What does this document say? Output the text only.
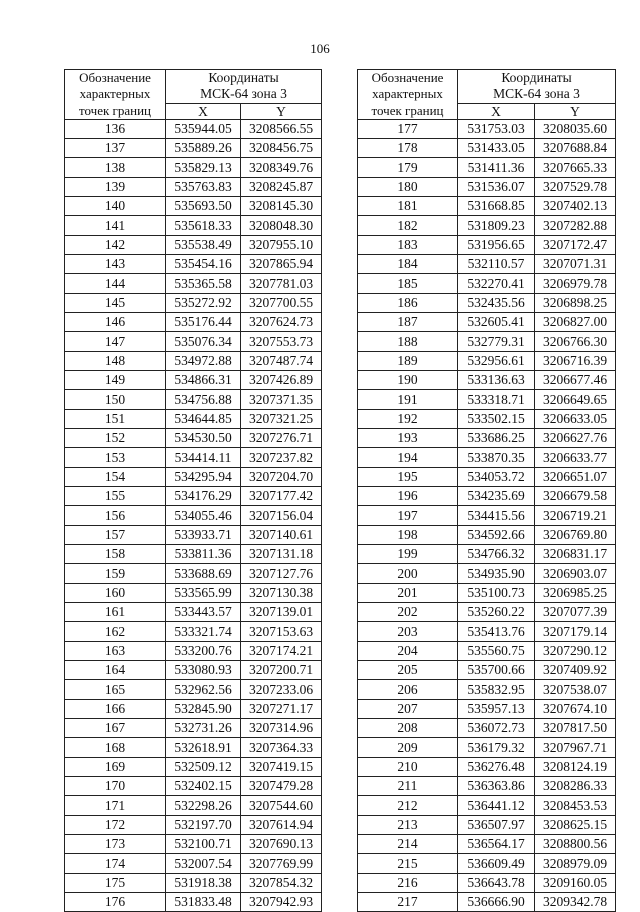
106
Обозначение характерных точек границ	Координаты
МСК-64 зона 3	
	X	Y
136	535944.05	3208566.55
137	535889.26	3208456.75
138	535829.13	3208349.76
139	535763.83	3208245.87
140	535693.50	3208145.30
141	535618.33	3208048.30
142	535538.49	3207955.10
143	535454.16	3207865.94
144	535365.58	3207781.03
145	535272.92	3207700.55
146	535176.44	3207624.73
147	535076.34	3207553.73
148	534972.88	3207487.74
149	534866.31	3207426.89
150	534756.88	3207371.35
151	534644.85	3207321.25
152	534530.50	3207276.71
153	534414.11	3207237.82
154	534295.94	3207204.70
155	534176.29	3207177.42
156	534055.46	3207156.04
157	533933.71	3207140.61
158	533811.36	3207131.18
159	533688.69	3207127.76
160	533565.99	3207130.38
161	533443.57	3207139.01
162	533321.74	3207153.63
163	533200.76	3207174.21
164	533080.93	3207200.71
165	532962.56	3207233.06
166	532845.90	3207271.17
167	532731.26	3207314.96
168	532618.91	3207364.33
169	532509.12	3207419.15
170	532402.15	3207479.28
171	532298.26	3207544.60
172	532197.70	3207614.94
173	532100.71	3207690.13
174	532007.54	3207769.99
175	531918.38	3207854.32
176	531833.48	3207942.93
Обозначение характерных точек границ	Координаты
МСК-64 зона 3	
	X	Y
177	531753.03	3208035.60
178	531433.05	3207688.84
179	531411.36	3207665.33
180	531536.07	3207529.78
181	531668.85	3207402.13
182	531809.23	3207282.88
183	531956.65	3207172.47
184	532110.57	3207071.31
185	532270.41	3206979.78
186	532435.56	3206898.25
187	532605.41	3206827.00
188	532779.31	3206766.30
189	532956.61	3206716.39
190	533136.63	3206677.46
191	533318.71	3206649.65
192	533502.15	3206633.05
193	533686.25	3206627.76
194	533870.35	3206633.77
195	534053.72	3206651.07
196	534235.69	3206679.58
197	534415.56	3206719.21
198	534592.66	3206769.80
199	534766.32	3206831.17
200	534935.90	3206903.07
201	535100.73	3206985.25
202	535260.22	3207077.39
203	535413.76	3207179.14
204	535560.75	3207290.12
205	535700.66	3207409.92
206	535832.95	3207538.07
207	535957.13	3207674.10
208	536072.73	3207817.50
209	536179.32	3207967.71
210	536276.48	3208124.19
211	536363.86	3208286.33
212	536441.12	3208453.53
213	536507.97	3208625.15
214	536564.17	3208800.56
215	536609.49	3208979.09
216	536643.78	3209160.05
217	536666.90	3209342.78
